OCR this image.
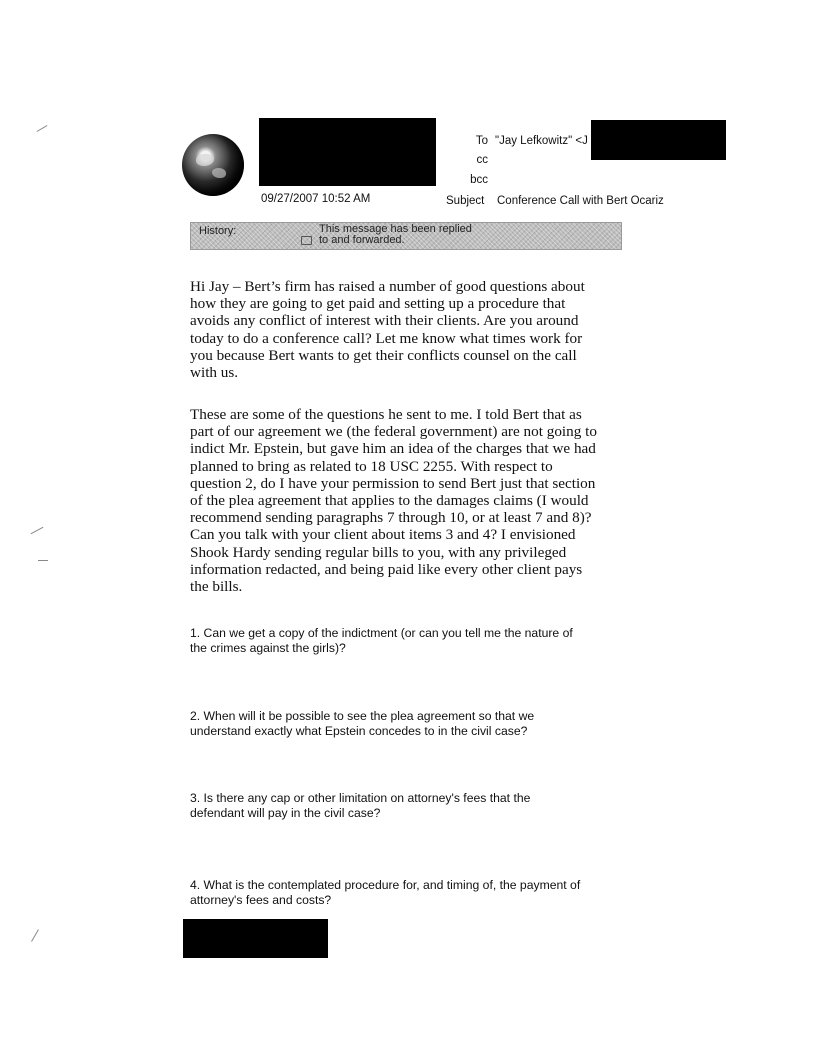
09/27/2007 10:52 AM
To "Jay Lefkowitz" <J
cc
bcc
Subject Conference Call with Bert Ocariz
History:	This message has been replied
to and forwarded.
Hi Jay – Bert’s firm has raised a number of good questions about
how they are going to get paid and setting up a procedure that
avoids any conflict of interest with their clients. Are you around
today to do a conference call? Let me know what times work for
you because Bert wants to get their conflicts counsel on the call
with us.
These are some of the questions he sent to me. I told Bert that as
part of our agreement we (the federal government) are not going to
indict Mr. Epstein, but gave him an idea of the charges that we had
planned to bring as related to 18 USC 2255. With respect to
question 2, do I have your permission to send Bert just that section
of the plea agreement that applies to the damages claims (I would
recommend sending paragraphs 7 through 10, or at least 7 and 8)?
Can you talk with your client about items 3 and 4? I envisioned
Shook Hardy sending regular bills to you, with any privileged
information redacted, and being paid like every other client pays
the bills.
1. Can we get a copy of the indictment (or can you tell me the nature of
the crimes against the girls)?
2. When will it be possible to see the plea agreement so that we
understand exactly what Epstein concedes to in the civil case?
3. Is there any cap or other limitation on attorney's fees that the
defendant will pay in the civil case?
4. What is the contemplated procedure for, and timing of, the payment of
attorney's fees and costs?
